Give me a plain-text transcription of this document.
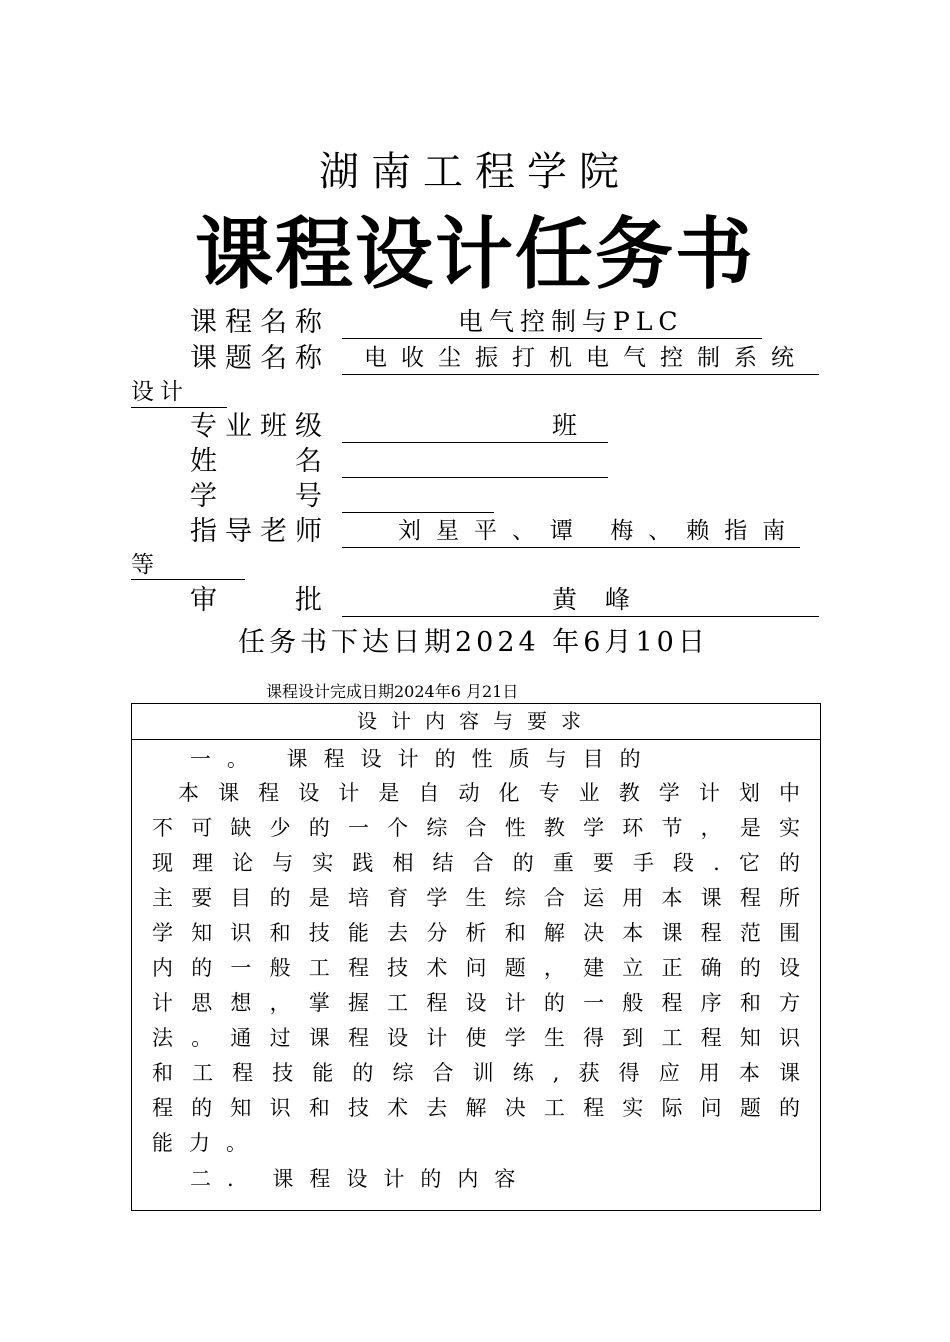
湖南工程学院
课程设计任务书
课程名称	电气控制与PLC
课题名称 电收尘振打机电气控制系统
设计
专业班级	班
姓　　名
学　　号
指导老师	刘星平、谭 梅、赖指南
等
审　　批	黄 峰
任务书下达日期2024 年6月10日
课程设计完成日期2024年6 月21日
设计内容与要求
一。 课程设计的性质与目的
本 课 程 设 计 是 自 动 化 专 业 教 学 计 划 中
不 可 缺 少 的 一 个 综 合 性 教 学 环 节 ， 是 实
现 理 论 与 实 践 相 结 合 的 重 要 手 段 . 它 的
主 要 目 的 是 培 育 学 生 综 合 运 用 本 课 程 所
学 知 识 和 技 能 去 分 析 和 解 决 本 课 程 范 围
内 的 一 般 工 程 技 术 问 题 ， 建 立 正 确 的 设
计 思 想 ， 掌 握 工 程 设 计 的 一 般 程 序 和 方
法 。 通 过 课 程 设 计 使 学 生 得 到 工 程 知 识
和 工 程 技 能 的 综 合 训 练 , 获 得 应 用 本 课
程 的 知 识 和 技 术 去 解 决 工 程 实 际 问 题 的
能力。
二. 课程设计的内容
